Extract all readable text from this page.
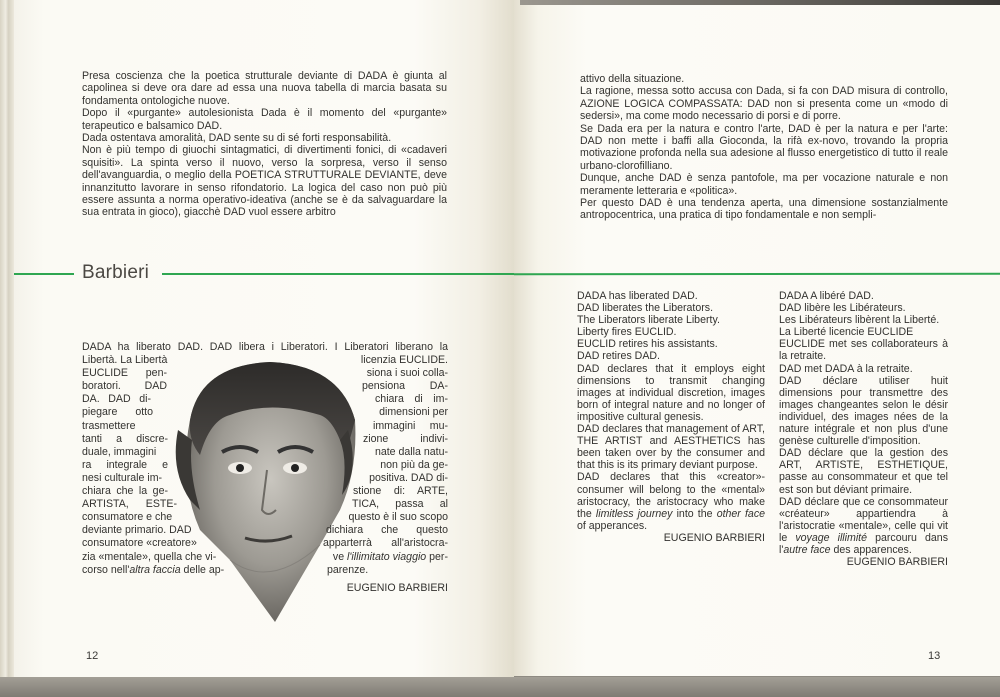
Presa coscienza che la poetica strutturale deviante di DADA è giunta al capolinea si deve ora dare ad essa una nuova tabella di marcia basata su fondamenta ontologiche nuove.

Dopo il «purgante» autolesionista Dada è il momento del «purgante» terapeutico e balsamico DAD.

Dada ostentava amoralità, DAD sente su di sé forti responsabilità.

Non è più tempo di giuochi sintagmatici, di divertimenti fonici, di «cadaveri squisiti». La spinta verso il nuovo, verso la sorpresa, verso il senso dell'avanguardia, o meglio della POETICA STRUTTURALE DEVIANTE, deve innanzitutto lavorare in senso rifondatorio. La logica del caso non può più essere assunta a norma operativo-ideativa (anche se è da salvaguardare la sua entrata in gioco), giacchè DAD vuol essere arbitro

attivo della situazione.

La ragione, messa sotto accusa con Dada, si fa con DAD misura di controllo, AZIONE LOGICA COMPASSATA: DAD non si presenta come un «modo di sedersi», ma come modo necessario di porsi e di porre.

Se Dada era per la natura e contro l'arte, DAD è per la natura e per l'arte: DAD non mette i baffi alla Gioconda, la rifà ex-novo, trovando la propria motivazione profonda nella sua adesione al flusso energetistico di tutto il reale urbano-clorofilliano.

Dunque, anche DAD è senza pantofole, ma per vocazione naturale e non meramente letteraria e «politica».

Per questo DAD è una tendenza aperta, una dimensione sostanzialmente antropocentrica, una pratica di tipo fondamentale e non sempli-

Barbieri
DADA ha liberato DAD. DAD libera i Liberatori. I Liberatori liberano la
Libertà. La Libertà	licenzia EUCLIDE.
EUCLIDE pen-	siona i suoi colla-
boratori. DAD	pensiona DA-
DA. DAD di-	chiara di im-
piegare otto	dimensioni per
trasmettere	immagini mu-
tanti a discre-	zione indivi-
duale, immagini	nate dalla natu-
ra integrale e	non più da ge-
nesi culturale im-	positiva. DAD di-
chiara che la ge-	stione di: ARTE,
ARTISTA, ESTE-	TICA, passa al
consumatore e che	questo è il suo scopo
deviante primario. DAD	dichiara che questo
consumatore «creatore»	apparterrà all'aristocra-
zia «mentale», quella che vi-	ve l'illimitato viaggio per-
corso nell'altra faccia delle ap-	parenze.
EUGENIO BARBIERI

DADA has liberated DAD.

DAD liberates the Liberators.

The Liberators liberate Liberty.

Liberty fires EUCLID.

EUCLID retires his assistants.

DAD retires DAD.

DAD declares that it employs eight dimensions to transmit changing images at individual discretion, images born of integral nature and no longer of impositive cultural genesis.

DAD declares that management of ART, THE ARTIST and AESTHETICS has been taken over by the consumer and that this is its primary deviant purpose.

DAD declares that this «creator»-consumer will belong to the «mental» aristocracy, the aristocracy who make the limitless journey into the other face of apperances.

EUGENIO BARBIERI

DADA A libéré DAD.

DAD libère les Libérateurs.

Les Libérateurs libèrent la Liberté.

La Liberté licencie EUCLIDE

EUCLIDE met ses collaborateurs à la retraite.

DAD met DADA à la retraite.

DAD déclare utiliser huit dimensions pour transmettre des images changeantes selon le désir individuel, des images nées de la nature intégrale et non plus d'une genèse culturelle d'imposition.

DAD déclare que la gestion des ART, ARTISTE, ESTHETIQUE, passe au consommateur et que tel est son but déviant primaire.

DAD déclare que ce consommateur «créateur» appartiendra à l'aristocratie «mentale», celle qui vit le voyage illimité parcouru dans l'autre face des apparences.

EUGENIO BARBIERI
12	13
